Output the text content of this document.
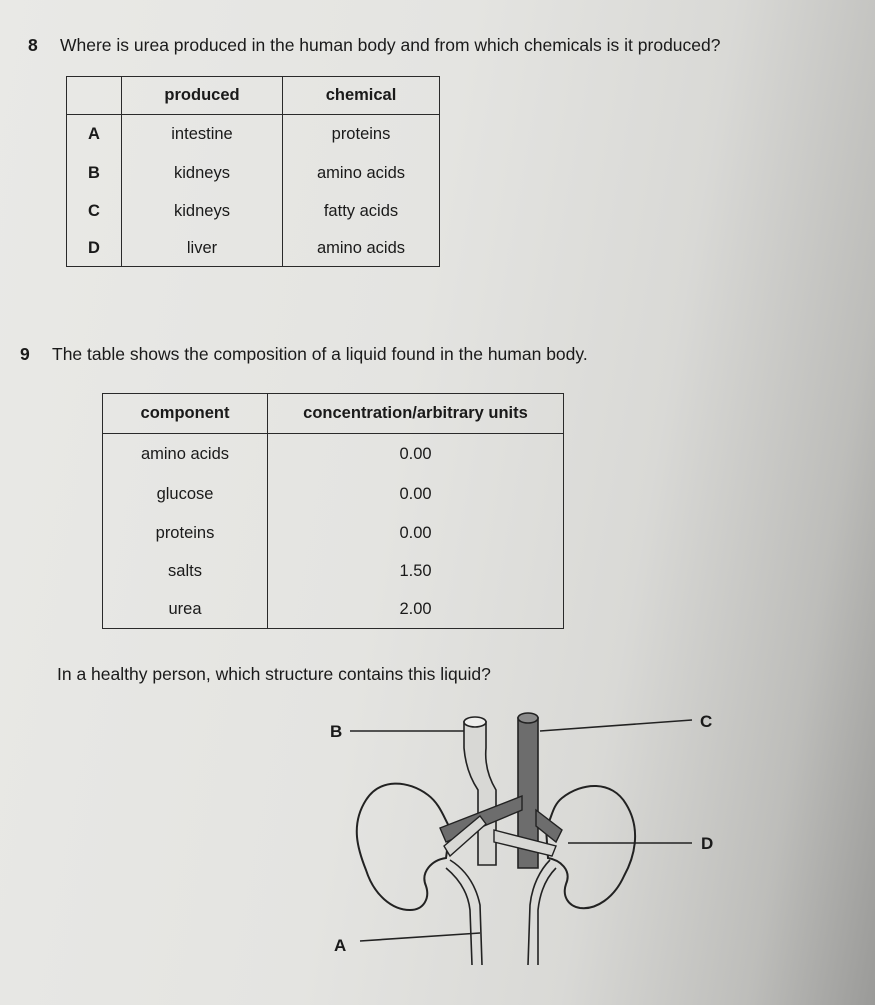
8 Where is urea produced in the human body and from which chemicals is it produced?
	produced	chemical
A	intestine	proteins
B	kidneys	amino acids
C	kidneys	fatty acids
D	liver	amino acids
9 The table shows the composition of a liquid found in the human body.
component	concentration/arbitrary units
amino acids	0.00
glucose	0.00
proteins	0.00
salts	1.50
urea	2.00
In a healthy person, which structure contains this liquid?
B
C
D
A
